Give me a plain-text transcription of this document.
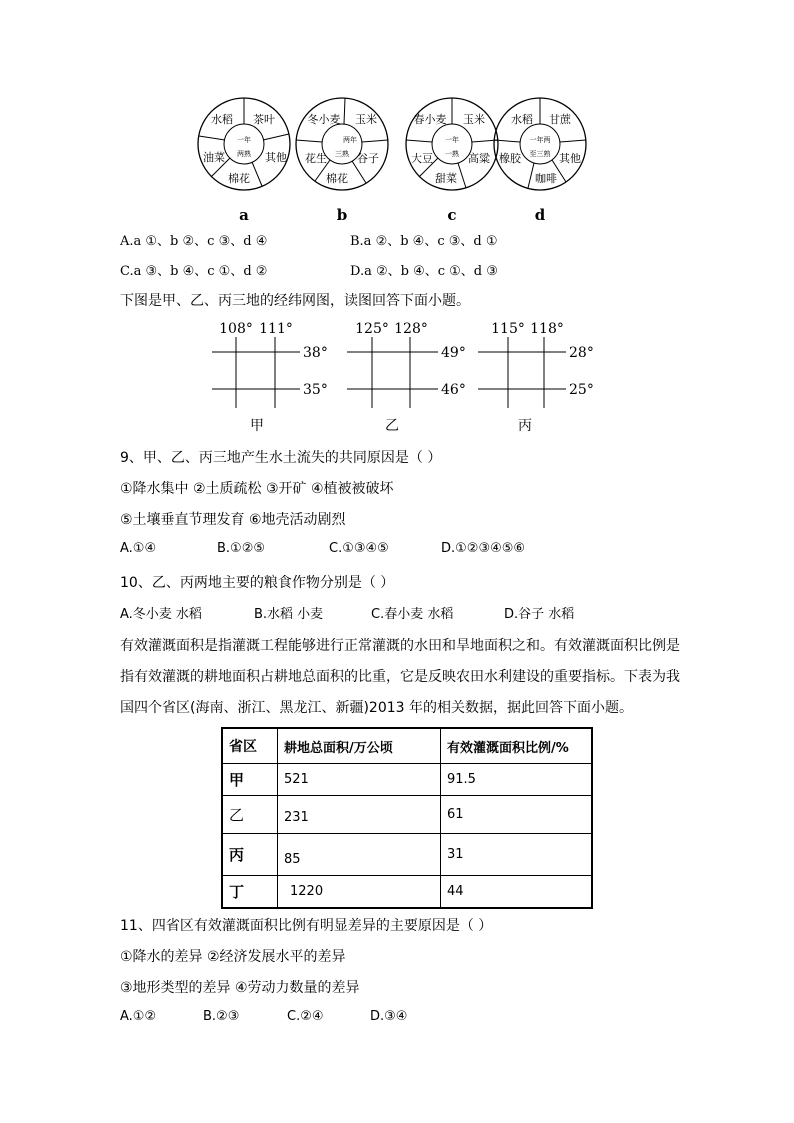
水稻 茶叶
其他
棉花
油菜
一年
两熟
冬小麦 玉米
谷子
棉花
花生
两年
三熟
春小麦 玉米
高粱
甜菜
大豆
一年
一熟
水稻 甘蔗
其他
咖啡
橡胶
一年两
至三熟
a	b	c	d
A.a ①、b ②、c ③、d ④	B.a ②、b ④、c ③、d ①
C.a ③、b ④、c ①、d ②	D.a ②、b ④、c ①、d ③
下图是甲、乙、丙三地的经纬网图，读图回答下面小题。
108° 111°
38°
35°
甲
125° 128°
49°
46°
乙
115° 118°
28°
25°
丙
9、甲、乙、丙三地产生水土流失的共同原因是（ ）
①降水集中 ②土质疏松 ③开矿 ④植被被破坏
⑤土壤垂直节理发育 ⑥地壳活动剧烈
A.①④	B.①②⑤	C.①③④⑤	D.①②③④⑤⑥
10、乙、丙两地主要的粮食作物分别是（ ）
A.冬小麦 水稻	B.水稻 小麦	C.春小麦 水稻	D.谷子 水稻
有效灌溉面积是指灌溉工程能够进行正常灌溉的水田和旱地面积之和。有效灌溉面积比例是
指有效灌溉的耕地面积占耕地总面积的比重，它是反映农田水利建设的重要指标。下表为我
国四个省区(海南、浙江、黑龙江、新疆)2013 年的相关数据，据此回答下面小题。
省区	耕地总面积/万公顷	有效灌溉面积比例/%
甲	521	91.5
乙	231	61
丙	85	31
丁	1220	44
11、四省区有效灌溉面积比例有明显差异的主要原因是（ ）
①降水的差异 ②经济发展水平的差异
③地形类型的差异 ④劳动力数量的差异
A.①②	B.②③	C.②④	D.③④
